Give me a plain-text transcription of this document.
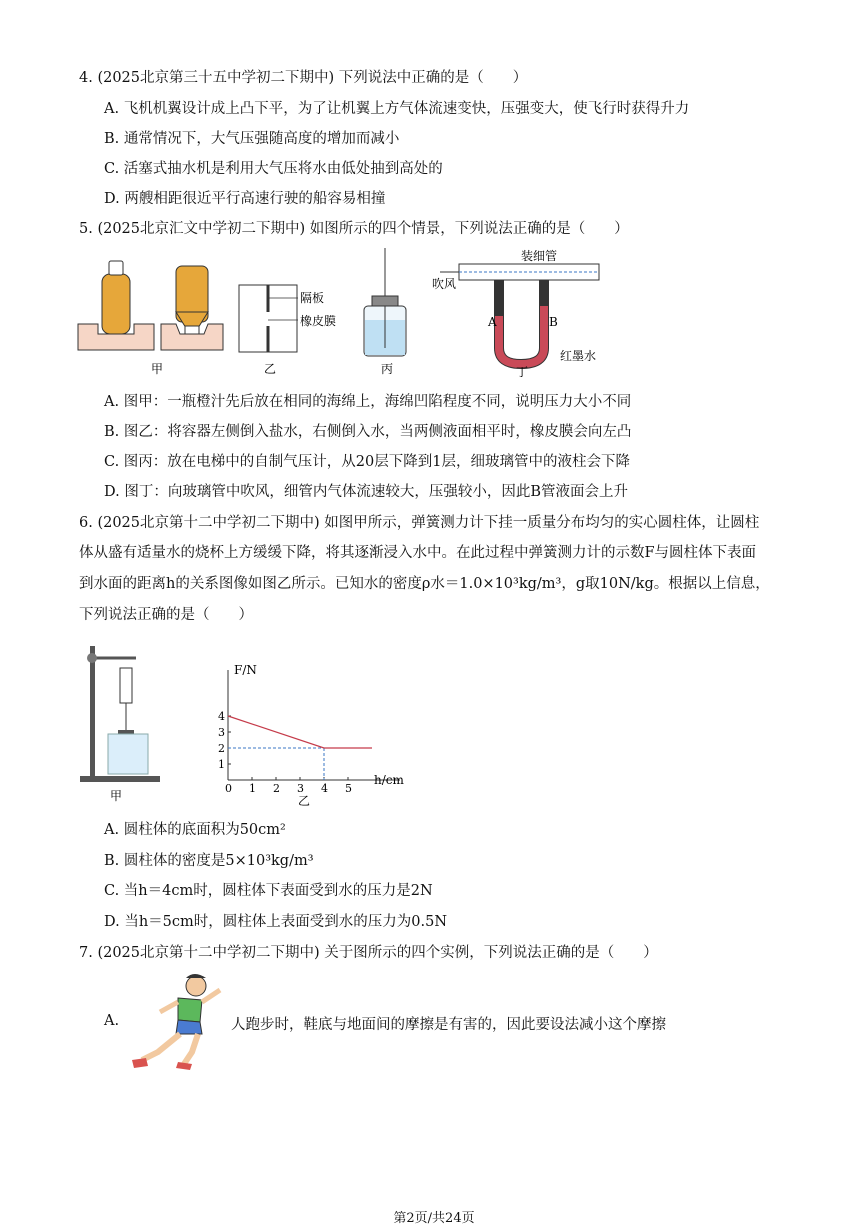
4. (2025北京第三十五中学初二下期中) 下列说法中正确的是（　　）
A. 飞机机翼设计成上凸下平，为了让机翼上方气体流速变快，压强变大，使飞行时获得升力
B. 通常情况下，大气压强随高度的增加而减小
C. 活塞式抽水机是利用大气压将水由低处抽到高处的
D. 两艘相距很近平行高速行驶的船容易相撞
5. (2025北京汇文中学初二下期中) 如图所示的四个情景，下列说法正确的是（　　）
甲
隔板
橡皮膜
乙	丙
装细管
吹风
A	B
红墨水
丁
A. 图甲：一瓶橙汁先后放在相同的海绵上，海绵凹陷程度不同，说明压力大小不同
B. 图乙：将容器左侧倒入盐水，右侧倒入水，当两侧液面相平时，橡皮膜会向左凸
C. 图丙：放在电梯中的自制气压计，从20层下降到1层，细玻璃管中的液柱会下降
D. 图丁：向玻璃管中吹风，细管内气体流速较大，压强较小，因此B管液面会上升
6. (2025北京第十二中学初二下期中) 如图甲所示，弹簧测力计下挂一质量分布均匀的实心圆柱体，让圆柱
体从盛有适量水的烧杯上方缓缓下降，将其逐渐浸入水中。在此过程中弹簧测力计的示数F与圆柱体下表面
到水面的距离h的关系图像如图乙所示。已知水的密度ρ水＝1.0×10³kg/m³，g取10N/kg。根据以上信息，
下列说法正确的是（　　）
甲
F/N
h/cm
0 1 2 3 4 5
1
2
3
4
乙
A. 圆柱体的底面积为50cm²
B. 圆柱体的密度是5×10³kg/m³
C. 当h＝4cm时，圆柱体下表面受到水的压力是2N
D. 当h＝5cm时，圆柱体上表面受到水的压力为0.5N
7. (2025北京第十二中学初二下期中) 关于图所示的四个实例，下列说法正确的是（　　）
A.	人跑步时，鞋底与地面间的摩擦是有害的，因此要设法减小这个摩擦
第2页/共24页
